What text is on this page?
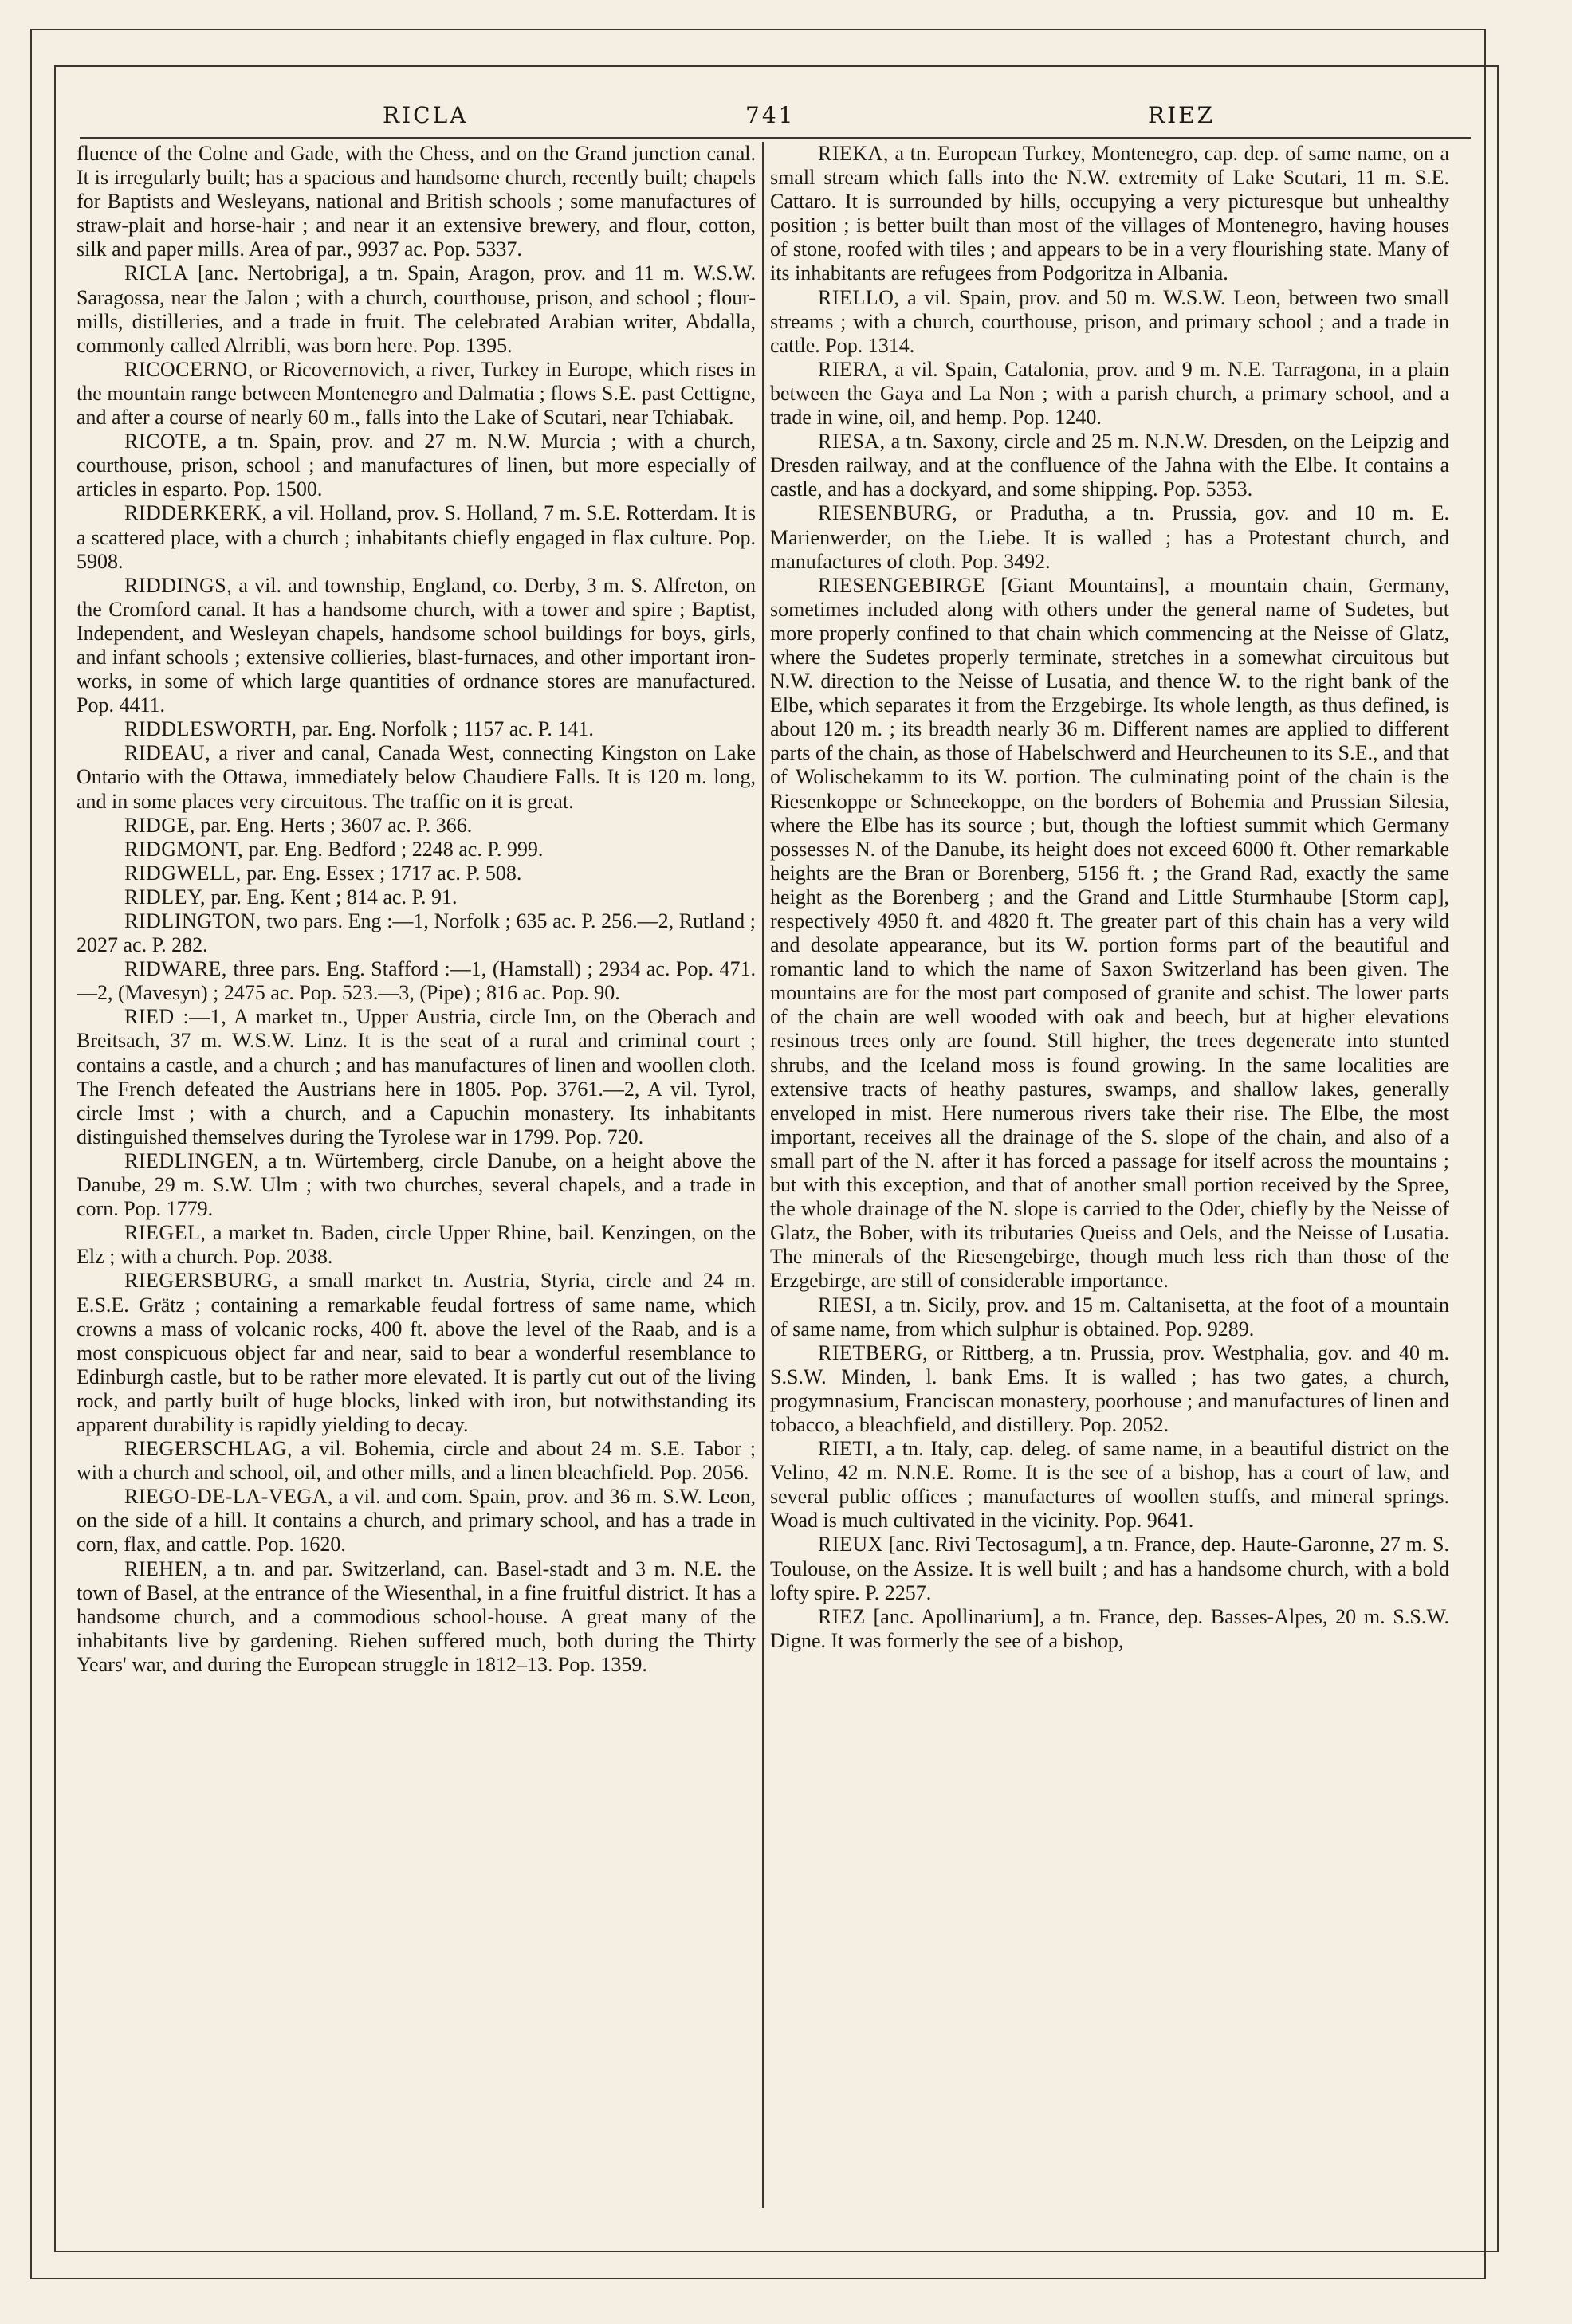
RICLA	741	RIEZ

fluence of the Colne and Gade, with the Chess, and on the Grand junction canal. It is irregularly built; has a spacious and handsome church, recently built; chapels for Baptists and Wesleyans, national and British schools ; some manufactures of straw-plait and horse-hair ; and near it an extensive brewery, and flour, cotton, silk and paper mills. Area of par., 9937 ac. Pop. 5337.

RICLA [anc. Nertobriga], a tn. Spain, Aragon, prov. and 11 m. W.S.W. Saragossa, near the Jalon ; with a church, courthouse, prison, and school ; flour-mills, distilleries, and a trade in fruit. The celebrated Arabian writer, Abdalla, commonly called Alrribli, was born here. Pop. 1395.

RICOCERNO, or Ricovernovich, a river, Turkey in Europe, which rises in the mountain range between Montenegro and Dalmatia ; flows S.E. past Cettigne, and after a course of nearly 60 m., falls into the Lake of Scutari, near Tchiabak.

RICOTE, a tn. Spain, prov. and 27 m. N.W. Murcia ; with a church, courthouse, prison, school ; and manufactures of linen, but more especially of articles in esparto. Pop. 1500.

RIDDERKERK, a vil. Holland, prov. S. Holland, 7 m. S.E. Rotterdam. It is a scattered place, with a church ; inhabitants chiefly engaged in flax culture. Pop. 5908.

RIDDINGS, a vil. and township, England, co. Derby, 3 m. S. Alfreton, on the Cromford canal. It has a handsome church, with a tower and spire ; Baptist, Independent, and Wesleyan chapels, handsome school buildings for boys, girls, and infant schools ; extensive collieries, blast-furnaces, and other important iron-works, in some of which large quantities of ordnance stores are manufactured. Pop. 4411.

RIDDLESWORTH, par. Eng. Norfolk ; 1157 ac. P. 141.

RIDEAU, a river and canal, Canada West, connecting Kingston on Lake Ontario with the Ottawa, immediately below Chaudiere Falls. It is 120 m. long, and in some places very circuitous. The traffic on it is great.

RIDGE, par. Eng. Herts ; 3607 ac. P. 366.

RIDGMONT, par. Eng. Bedford ; 2248 ac. P. 999.

RIDGWELL, par. Eng. Essex ; 1717 ac. P. 508.

RIDLEY, par. Eng. Kent ; 814 ac. P. 91.

RIDLINGTON, two pars. Eng :—1, Norfolk ; 635 ac. P. 256.—2, Rutland ; 2027 ac. P. 282.

RIDWARE, three pars. Eng. Stafford :—1, (Hamstall) ; 2934 ac. Pop. 471.—2, (Mavesyn) ; 2475 ac. Pop. 523.—3, (Pipe) ; 816 ac. Pop. 90.

RIED :—1, A market tn., Upper Austria, circle Inn, on the Oberach and Breitsach, 37 m. W.S.W. Linz. It is the seat of a rural and criminal court ; contains a castle, and a church ; and has manufactures of linen and woollen cloth. The French defeated the Austrians here in 1805. Pop. 3761.—2, A vil. Tyrol, circle Imst ; with a church, and a Capuchin monastery. Its inhabitants distinguished themselves during the Tyrolese war in 1799. Pop. 720.

RIEDLINGEN, a tn. Würtemberg, circle Danube, on a height above the Danube, 29 m. S.W. Ulm ; with two churches, several chapels, and a trade in corn. Pop. 1779.

RIEGEL, a market tn. Baden, circle Upper Rhine, bail. Kenzingen, on the Elz ; with a church. Pop. 2038.

RIEGERSBURG, a small market tn. Austria, Styria, circle and 24 m. E.S.E. Grätz ; containing a remarkable feudal fortress of same name, which crowns a mass of volcanic rocks, 400 ft. above the level of the Raab, and is a most conspicuous object far and near, said to bear a wonderful resemblance to Edinburgh castle, but to be rather more elevated. It is partly cut out of the living rock, and partly built of huge blocks, linked with iron, but notwithstanding its apparent durability is rapidly yielding to decay.

RIEGERSCHLAG, a vil. Bohemia, circle and about 24 m. S.E. Tabor ; with a church and school, oil, and other mills, and a linen bleachfield. Pop. 2056.

RIEGO-DE-LA-VEGA, a vil. and com. Spain, prov. and 36 m. S.W. Leon, on the side of a hill. It contains a church, and primary school, and has a trade in corn, flax, and cattle. Pop. 1620.

RIEHEN, a tn. and par. Switzerland, can. Basel-stadt and 3 m. N.E. the town of Basel, at the entrance of the Wiesenthal, in a fine fruitful district. It has a handsome church, and a commodious school-house. A great many of the inhabitants live by gardening. Riehen suffered much, both during the Thirty Years' war, and during the European struggle in 1812–13. Pop. 1359.

RIEKA, a tn. European Turkey, Montenegro, cap. dep. of same name, on a small stream which falls into the N.W. extremity of Lake Scutari, 11 m. S.E. Cattaro. It is surrounded by hills, occupying a very picturesque but unhealthy position ; is better built than most of the villages of Montenegro, having houses of stone, roofed with tiles ; and appears to be in a very flourishing state. Many of its inhabitants are refugees from Podgoritza in Albania.

RIELLO, a vil. Spain, prov. and 50 m. W.S.W. Leon, between two small streams ; with a church, courthouse, prison, and primary school ; and a trade in cattle. Pop. 1314.

RIERA, a vil. Spain, Catalonia, prov. and 9 m. N.E. Tarragona, in a plain between the Gaya and La Non ; with a parish church, a primary school, and a trade in wine, oil, and hemp. Pop. 1240.

RIESA, a tn. Saxony, circle and 25 m. N.N.W. Dresden, on the Leipzig and Dresden railway, and at the confluence of the Jahna with the Elbe. It contains a castle, and has a dockyard, and some shipping. Pop. 5353.

RIESENBURG, or Pradutha, a tn. Prussia, gov. and 10 m. E. Marienwerder, on the Liebe. It is walled ; has a Protestant church, and manufactures of cloth. Pop. 3492.

RIESENGEBIRGE [Giant Mountains], a mountain chain, Germany, sometimes included along with others under the general name of Sudetes, but more properly confined to that chain which commencing at the Neisse of Glatz, where the Sudetes properly terminate, stretches in a somewhat circuitous but N.W. direction to the Neisse of Lusatia, and thence W. to the right bank of the Elbe, which separates it from the Erzgebirge. Its whole length, as thus defined, is about 120 m. ; its breadth nearly 36 m. Different names are applied to different parts of the chain, as those of Habelschwerd and Heurcheunen to its S.E., and that of Wolischekamm to its W. portion. The culminating point of the chain is the Riesenkoppe or Schneekoppe, on the borders of Bohemia and Prussian Silesia, where the Elbe has its source ; but, though the loftiest summit which Germany possesses N. of the Danube, its height does not exceed 6000 ft. Other remarkable heights are the Bran or Borenberg, 5156 ft. ; the Grand Rad, exactly the same height as the Borenberg ; and the Grand and Little Sturmhaube [Storm cap], respectively 4950 ft. and 4820 ft. The greater part of this chain has a very wild and desolate appearance, but its W. portion forms part of the beautiful and romantic land to which the name of Saxon Switzerland has been given. The mountains are for the most part composed of granite and schist. The lower parts of the chain are well wooded with oak and beech, but at higher elevations resinous trees only are found. Still higher, the trees degenerate into stunted shrubs, and the Iceland moss is found growing. In the same localities are extensive tracts of heathy pastures, swamps, and shallow lakes, generally enveloped in mist. Here numerous rivers take their rise. The Elbe, the most important, receives all the drainage of the S. slope of the chain, and also of a small part of the N. after it has forced a passage for itself across the mountains ; but with this exception, and that of another small portion received by the Spree, the whole drainage of the N. slope is carried to the Oder, chiefly by the Neisse of Glatz, the Bober, with its tributaries Queiss and Oels, and the Neisse of Lusatia. The minerals of the Riesengebirge, though much less rich than those of the Erzgebirge, are still of considerable importance.

RIESI, a tn. Sicily, prov. and 15 m. Caltanisetta, at the foot of a mountain of same name, from which sulphur is obtained. Pop. 9289.

RIETBERG, or Rittberg, a tn. Prussia, prov. Westphalia, gov. and 40 m. S.S.W. Minden, l. bank Ems. It is walled ; has two gates, a church, progymnasium, Franciscan monastery, poorhouse ; and manufactures of linen and tobacco, a bleachfield, and distillery. Pop. 2052.

RIETI, a tn. Italy, cap. deleg. of same name, in a beautiful district on the Velino, 42 m. N.N.E. Rome. It is the see of a bishop, has a court of law, and several public offices ; manufactures of woollen stuffs, and mineral springs. Woad is much cultivated in the vicinity. Pop. 9641.

RIEUX [anc. Rivi Tectosagum], a tn. France, dep. Haute-Garonne, 27 m. S. Toulouse, on the Assize. It is well built ; and has a handsome church, with a bold lofty spire. P. 2257.

RIEZ [anc. Apollinarium], a tn. France, dep. Basses-Alpes, 20 m. S.S.W. Digne. It was formerly the see of a bishop,
